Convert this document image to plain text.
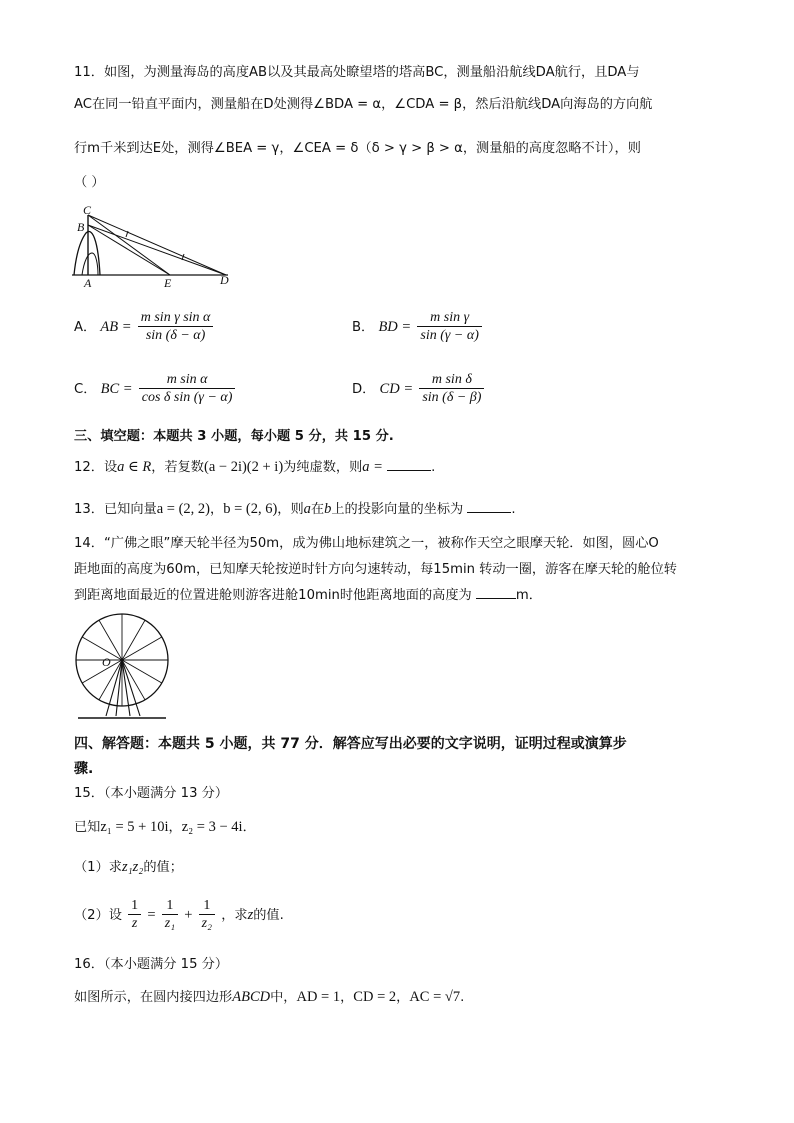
11．如图，为测量海岛的高度AB以及其最高处瞭望塔的塔高BC，测量船沿航线DA航行，且DA与
AC在同一铅直平面内，测量船在D处测得∠BDA = α，∠CDA = β，然后沿航线DA向海岛的方向航
行m千米到达E处，测得∠BEA = γ，∠CEA = δ（δ > γ > β > α，测量船的高度忽略不计），则
（ ）
C
B
A	E	D
A． AB = $\frac{\text{m sin γ sin α}}{\sin (\delta - \alpha)}$	B． BD = $\frac{\text{m sin γ}}{\sin (\gamma - \alpha)}$
C． BC = $\frac{\text{m sin α}}{\text{cos δ sin (γ − α)}}$	D． CD = $\frac{\text{m sin δ}}{\sin (\delta - \beta)}$
三、填空题：本题共 3 小题，每小题 5 分，共 15 分.
12．设a ∈ R，若复数(a − 2i)(2 + i)为纯虚数，则a =	.
13．已知向量a = (2, 2)，b = (2, 6)，则a在b上的投影向量的坐标为	.
14．“广佛之眼”摩天轮半径为50m，成为佛山地标建筑之一，被称作天空之眼摩天轮．如图，圆心O
距地面的高度为60m，已知摩天轮按逆时针方向匀速转动，每15min 转动一圈，游客在摩天轮的舱位转
到距离地面最近的位置进舱则游客进舱10min时他距离地面的高度为	m．
O
四、解答题：本题共 5 小题，共 77 分．解答应写出必要的文字说明，证明过程或演算步
骤.
15．（本小题满分 13 分）
已知z₁ = 5 + 10i，z₂ = 3 − 4i．
（1）求z₁z₂的值；
（2）设 $\frac{1}{z} = \frac{1}{\text{z₁}} + \frac{1}{\text{z₂}}$ ，求z的值.
16．（本小题满分 15 分）
如图所示，在圆内接四边形ABCD中，AD = 1，CD = 2，AC = √7.
